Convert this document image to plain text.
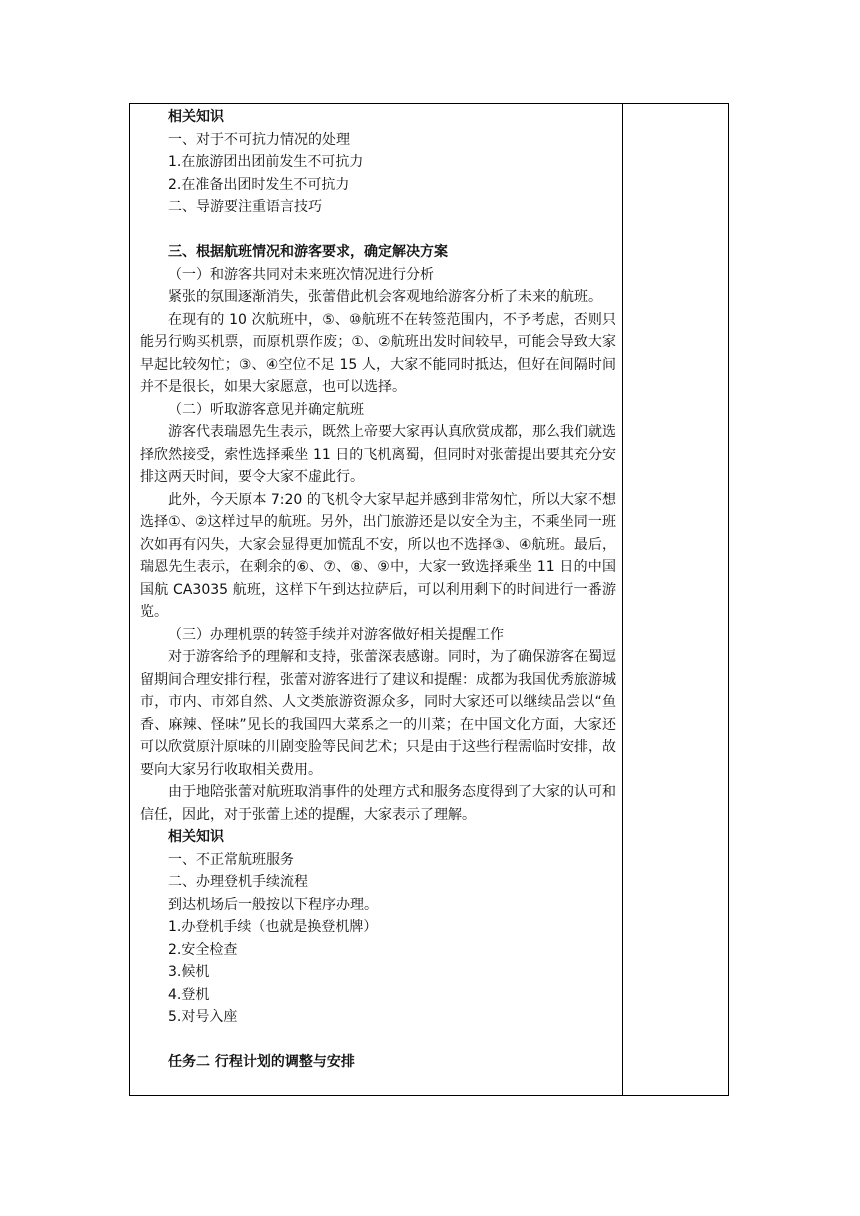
相关知识

一、对于不可抗力情况的处理

1.在旅游团出团前发生不可抗力

2.在准备出团时发生不可抗力

二、导游要注重语言技巧

三、根据航班情况和游客要求，确定解决方案

（一）和游客共同对未来班次情况进行分析

紧张的氛围逐渐消失，张蕾借此机会客观地给游客分析了未来的航班。

在现有的 10 次航班中，⑤、⑩航班不在转签范围内，不予考虑，否则只能另行购买机票，而原机票作废；①、②航班出发时间较早，可能会导致大家早起比较匆忙；③、④空位不足 15 人，大家不能同时抵达，但好在间隔时间并不是很长，如果大家愿意，也可以选择。

（二）听取游客意见并确定航班

游客代表瑞恩先生表示，既然上帝要大家再认真欣赏成都，那么我们就选择欣然接受，索性选择乘坐 11 日的飞机离蜀，但同时对张蕾提出要其充分安排这两天时间，要令大家不虚此行。

此外，今天原本 7:20 的飞机令大家早起并感到非常匆忙，所以大家不想选择①、②这样过早的航班。另外，出门旅游还是以安全为主，不乘坐同一班次如再有闪失，大家会显得更加慌乱不安，所以也不选择③、④航班。最后，瑞恩先生表示，在剩余的⑥、⑦、⑧、⑨中，大家一致选择乘坐 11 日的中国国航 CA3035 航班，这样下午到达拉萨后，可以利用剩下的时间进行一番游览。

（三）办理机票的转签手续并对游客做好相关提醒工作

对于游客给予的理解和支持，张蕾深表感谢。同时，为了确保游客在蜀逗留期间合理安排行程，张蕾对游客进行了建议和提醒：成都为我国优秀旅游城市，市内、市郊自然、人文类旅游资源众多，同时大家还可以继续品尝以“鱼香、麻辣、怪味”见长的我国四大菜系之一的川菜；在中国文化方面，大家还可以欣赏原汁原味的川剧变脸等民间艺术；只是由于这些行程需临时安排，故要向大家另行收取相关费用。

由于地陪张蕾对航班取消事件的处理方式和服务态度得到了大家的认可和信任，因此，对于张蕾上述的提醒，大家表示了理解。

相关知识

一、不正常航班服务

二、办理登机手续流程

到达机场后一般按以下程序办理。

1.办登机手续（也就是换登机牌）

2.安全检查

3.候机

4.登机

5.对号入座

任务二 行程计划的调整与安排
